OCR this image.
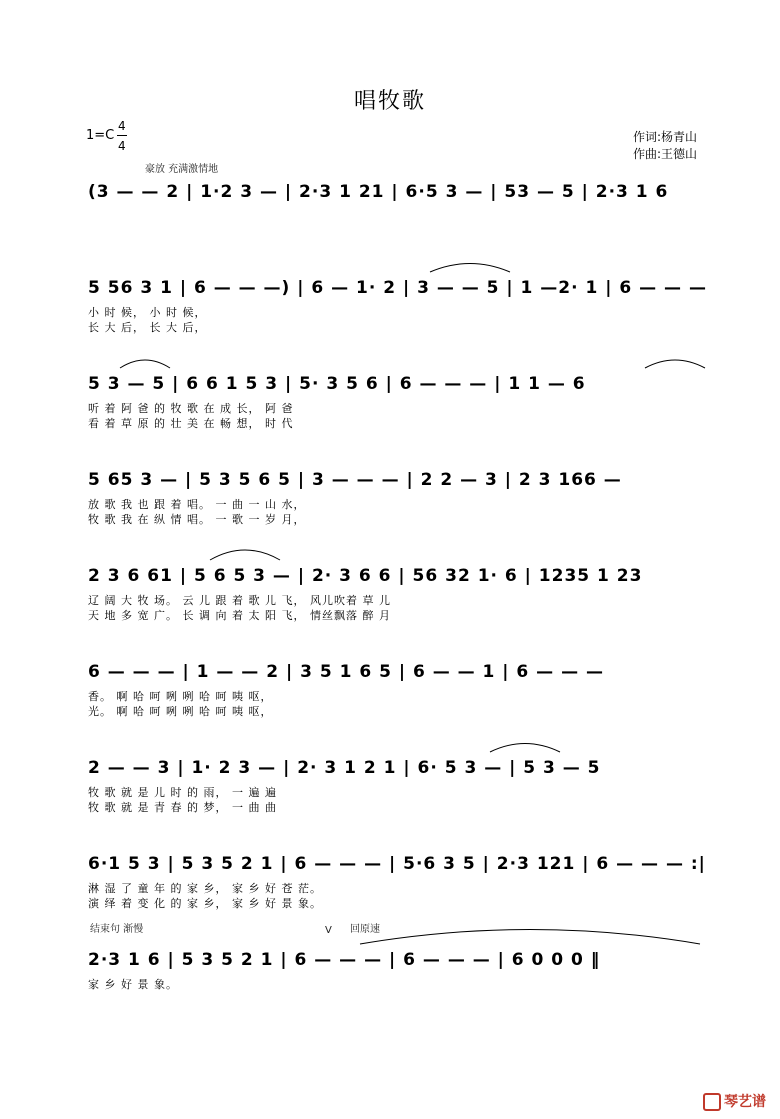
唱牧歌
1=C
4
4
作词:杨青山
作曲:王德山
豪放 充满激情地
结束句 渐慢	回原速
V
(3 — — 2 | 1·2 3 — | 2·3 1 21 | 6·5 3 — | 53 — 5 | 2·3 1 6
5 56 3 1 | 6 — — —) | 6 — 1· 2 | 3 — — 5 | 1 —2· 1 | 6 — — —
小 时 候， 小 时 候，
长 大 后， 长 大 后，
5 3 — 5 | 6 6 1 5 3 | 5· 3 5 6 | 6 — — — | 1 1 — 6
听 着 阿 爸 的 牧 歌 在 成 长， 阿 爸
看 着 草 原 的 壮 美 在 畅 想， 时 代
5 65 3 — | 5 3 5 6 5 | 3 — — — | 2 2 — 3 | 2 3 166 —
放 歌 我 也 跟 着 唱。 一 曲 一 山 水，
牧 歌 我 在 纵 情 唱。 一 歌 一 岁 月，
2 3 6 61 | 5 6 5 3 — | 2· 3 6 6 | 56 32 1· 6 | 1235 1 23
辽 阔 大 牧 场。 云 儿 跟 着 歌 儿 飞， 风儿吹着 草 儿
天 地 多 宽 广。 长 调 向 着 太 阳 飞， 情丝飘落 醉 月
6 — — — | 1 — — 2 | 3 5 1 6 5 | 6 — — 1 | 6 — — —
香。 啊 哈 呵 咧 咧 哈 呵 咦 呕，
光。 啊 哈 呵 咧 咧 哈 呵 咦 呕，
2 — — 3 | 1· 2 3 — | 2· 3 1 2 1 | 6· 5 3 — | 5 3 — 5
牧 歌 就 是 儿 时 的 雨， 一 遍 遍
牧 歌 就 是 青 春 的 梦， 一 曲 曲
6·1 5 3 | 5 3 5 2 1 | 6 — — — | 5·6 3 5 | 2·3 121 | 6 — — — :|
淋 湿 了 童 年 的 家 乡， 家 乡 好 苍 茫。
演 绎 着 变 化 的 家 乡， 家 乡 好 景 象。
2·3 1 6 | 5 3 5 2 1 | 6 — — — | 6 — — — | 6 0 0 0 ‖
家 乡 好 景 象。
琴艺谱
